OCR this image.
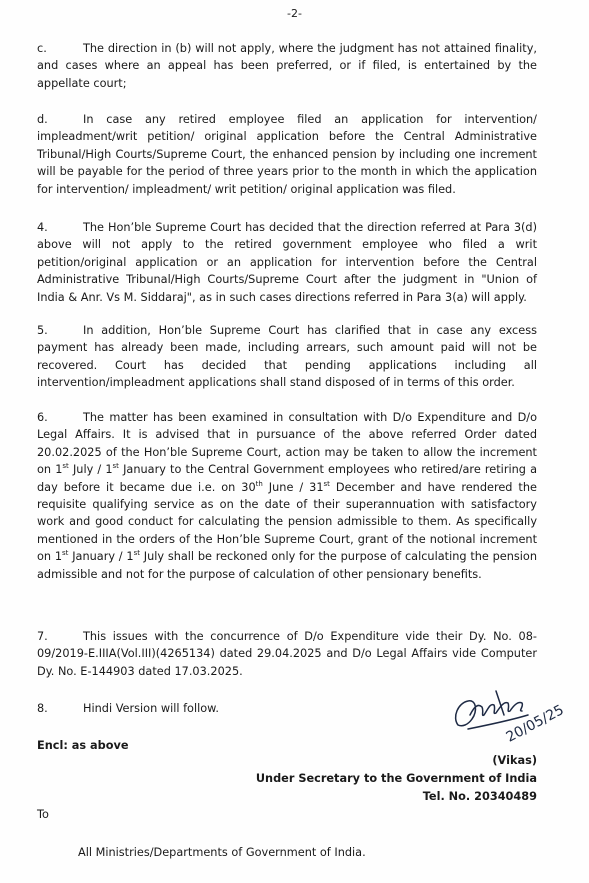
-2-

c.	The direction in (b) will not apply, where the judgment has not attained finality, and cases where an appeal has been preferred, or if filed, is entertained by the appellate court;

d.	In case any retired employee filed an application for intervention/ impleadment/writ petition/ original application before the Central Administrative Tribunal/High Courts/Supreme Court, the enhanced pension by including one increment will be payable for the period of three years prior to the month in which the application for intervention/ impleadment/ writ petition/ original application was filed.

4.	The Hon’ble Supreme Court has decided that the direction referred at Para 3(d) above will not apply to the retired government employee who filed a writ petition/original application or an application for intervention before the Central Administrative Tribunal/High Courts/Supreme Court after the judgment in "Union of India & Anr. Vs M. Siddaraj", as in such cases directions referred in Para 3(a) will apply.

5.	In addition, Hon’ble Supreme Court has clarified that in case any excess payment has already been made, including arrears, such amount paid will not be recovered. Court has decided that pending applications including all intervention/impleadment applications shall stand disposed of in terms of this order.

6.	The matter has been examined in consultation with D/o Expenditure and D/o Legal Affairs. It is advised that in pursuance of the above referred Order dated 20.02.2025 of the Hon’ble Supreme Court, action may be taken to allow the increment on 1st July / 1st January to the Central Government employees who retired/are retiring a day before it became due i.e. on 30th June / 31st December and have rendered the requisite qualifying service as on the date of their superannuation with satisfactory work and good conduct for calculating the pension admissible to them. As specifically mentioned in the orders of the Hon’ble Supreme Court, grant of the notional increment on 1st January / 1st July shall be reckoned only for the purpose of calculating the pension admissible and not for the purpose of calculation of other pensionary benefits.

7.	This issues with the concurrence of D/o Expenditure vide their Dy. No. 08-09/2019-E.IIIA(Vol.III)(4265134) dated 29.04.2025 and D/o Legal Affairs vide Computer Dy. No. E-144903 dated 17.03.2025.

8.	Hindi Version will follow.

Encl: as above	20/05/25
(Vikas)
Under Secretary to the Government of India
Tel. No. 20340489

To

All Ministries/Departments of Government of India.
